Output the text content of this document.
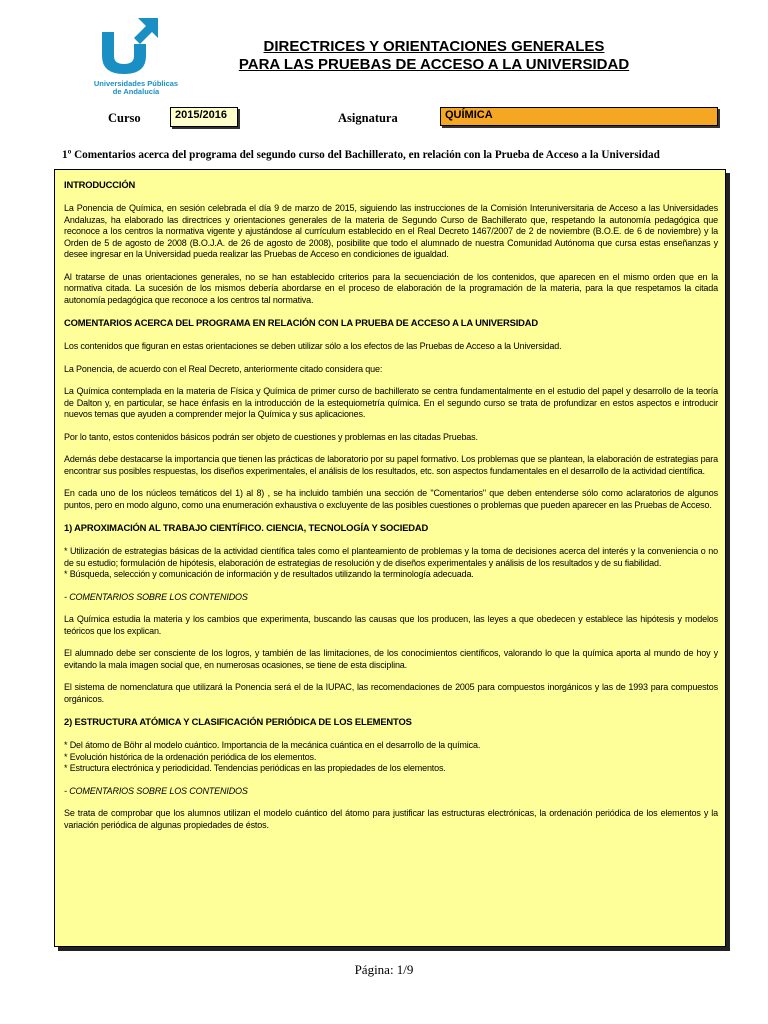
Universidades Públicas
de Andalucía
DIRECTRICES Y ORIENTACIONES GENERALES
PARA LAS PRUEBAS DE ACCESO A LA UNIVERSIDAD
Curso	2015/2016	Asignatura	QUÍMICA
1º Comentarios acerca del programa del segundo curso del Bachillerato, en relación con la Prueba de Acceso a la Universidad
INTRODUCCIÓN

La Ponencia de Química, en sesión celebrada el día 9 de marzo de 2015, siguiendo las instrucciones de la Comisión Interuniversitaria de Acceso a las Universidades Andaluzas, ha elaborado las directrices y orientaciones generales de la materia de Segundo Curso de Bachillerato que, respetando la autonomía pedagógica que reconoce a los centros la normativa vigente y ajustándose al currículum establecido en el Real Decreto 1467/2007 de 2 de noviembre (B.O.E. de 6 de noviembre) y la Orden de 5 de agosto de 2008 (B.O.J.A. de 26 de agosto de 2008), posibilite que todo el alumnado de nuestra Comunidad Autónoma que cursa estas enseñanzas y desee ingresar en la Universidad pueda realizar las Pruebas de Acceso en condiciones de igualdad.

Al tratarse de unas orientaciones generales, no se han establecido criterios para la secuenciación de los contenidos, que aparecen en el mismo orden que en la normativa citada. La sucesión de los mismos debería abordarse en el proceso de elaboración de la programación de la materia, para la que respetamos la citada autonomía pedagógica que reconoce a los centros tal normativa.

COMENTARIOS ACERCA DEL PROGRAMA EN RELACIÓN CON LA PRUEBA DE ACCESO A LA UNIVERSIDAD

Los contenidos que figuran en estas orientaciones se deben utilizar sólo a los efectos de las Pruebas de Acceso a la Universidad.

La Ponencia, de acuerdo con el Real Decreto, anteriormente citado considera que:

La Química contemplada en la materia de Física y Química de primer curso de bachillerato se centra fundamentalmente en el estudio del papel y desarrollo de la teoría de Dalton y, en particular, se hace énfasis en la introducción de la estequiometría química. En el segundo curso se trata de profundizar en estos aspectos e introducir nuevos temas que ayuden a comprender mejor la Química y sus aplicaciones.

Por lo tanto, estos contenidos básicos podrán ser objeto de cuestiones y problemas en las citadas Pruebas.

Además debe destacarse la importancia que tienen las prácticas de laboratorio por su papel formativo. Los problemas que se plantean, la elaboración de estrategias para encontrar sus posibles respuestas, los diseños experimentales, el análisis de los resultados, etc. son aspectos fundamentales en el desarrollo de la actividad científica.

En cada uno de los núcleos temáticos del 1) al 8) , se ha incluido también una sección de "Comentarios" que deben entenderse sólo como aclaratorios de algunos puntos, pero en modo alguno, como una enumeración exhaustiva o excluyente de las posibles cuestiones o problemas que pueden aparecer en las Pruebas de Acceso.

1) APROXIMACIÓN AL TRABAJO CIENTÍFICO. CIENCIA, TECNOLOGÍA Y SOCIEDAD

* Utilización de estrategias básicas de la actividad científica tales como el planteamiento de problemas y la toma de decisiones acerca del interés y la conveniencia o no de su estudio; formulación de hipótesis, elaboración de estrategias de resolución y de diseños experimentales y análisis de los resultados y de su fiabilidad.
* Búsqueda, selección y comunicación de información y de resultados utilizando la terminología adecuada.

- COMENTARIOS SOBRE LOS CONTENIDOS

La Química estudia la materia y los cambios que experimenta, buscando las causas que los producen, las leyes a que obedecen y establece las hipótesis y modelos teóricos que los explican.

El alumnado debe ser consciente de los logros, y también de las limitaciones, de los conocimientos científicos, valorando lo que la química aporta al mundo de hoy y evitando la mala imagen social que, en numerosas ocasiones, se tiene de esta disciplina.

El sistema de nomenclatura que utilizará la Ponencia será el de la IUPAC, las recomendaciones de 2005 para compuestos inorgánicos y las de 1993 para compuestos orgánicos.

2) ESTRUCTURA ATÓMICA Y CLASIFICACIÓN PERIÓDICA DE LOS ELEMENTOS

* Del átomo de Böhr al modelo cuántico. Importancia de la mecánica cuántica en el desarrollo de la química.
* Evolución histórica de la ordenación periódica de los elementos.
* Estructura electrónica y periodicidad. Tendencias periódicas en las propiedades de los elementos.

- COMENTARIOS SOBRE LOS CONTENIDOS

Se trata de comprobar que los alumnos utilizan el modelo cuántico del átomo para justificar las estructuras electrónicas, la ordenación periódica de los elementos y la variación periódica de algunas propiedades de éstos.

Página: 1/9
